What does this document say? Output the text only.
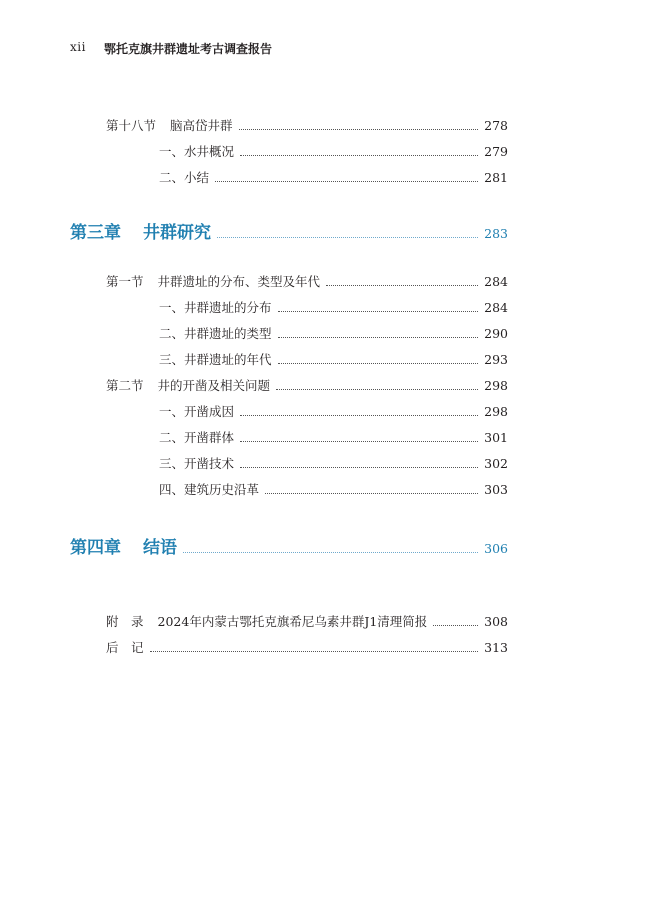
xii 鄂托克旗井群遗址考古调查报告
第十八节 脑高岱井群	278
一、水井概况	279
二、小结	281
第三章 井群研究	283
第一节 井群遗址的分布、类型及年代	284
一、井群遗址的分布	284
二、井群遗址的类型	290
三、井群遗址的年代	293
第二节 井的开凿及相关问题	298
一、开凿成因	298
二、开凿群体	301
三、开凿技术	302
四、建筑历史沿革	303
第四章 结语	306
附　录 2024年内蒙古鄂托克旗希尼乌素井群J1清理简报	308
后　记	313
